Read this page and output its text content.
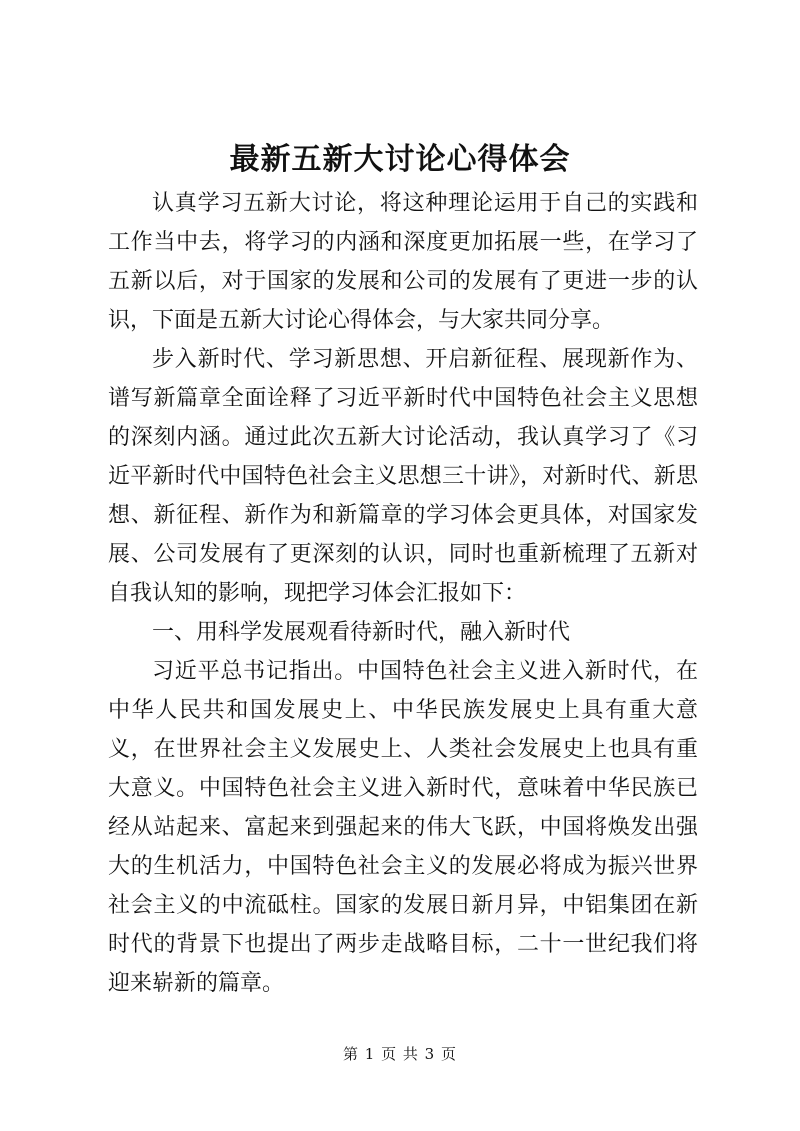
最新五新大讨论心得体会

认真学习五新大讨论，将这种理论运用于自己的实践和工作当中去，将学习的内涵和深度更加拓展一些，在学习了五新以后，对于国家的发展和公司的发展有了更进一步的认识，下面是五新大讨论心得体会，与大家共同分享。

步入新时代、学习新思想、开启新征程、展现新作为、谱写新篇章全面诠释了习近平新时代中国特色社会主义思想的深刻内涵。通过此次五新大讨论活动，我认真学习了《习近平新时代中国特色社会主义思想三十讲》，对新时代、新思想、新征程、新作为和新篇章的学习体会更具体，对国家发展、公司发展有了更深刻的认识，同时也重新梳理了五新对自我认知的影响，现把学习体会汇报如下：

一、用科学发展观看待新时代，融入新时代

习近平总书记指出。中国特色社会主义进入新时代，在中华人民共和国发展史上、中华民族发展史上具有重大意义，在世界社会主义发展史上、人类社会发展史上也具有重大意义。中国特色社会主义进入新时代，意味着中华民族已经从站起来、富起来到强起来的伟大飞跃，中国将焕发出强大的生机活力，中国特色社会主义的发展必将成为振兴世界社会主义的中流砥柱。国家的发展日新月异，中铝集团在新时代的背景下也提出了两步走战略目标，二十一世纪我们将迎来崭新的篇章。

第 1 页 共 3 页
